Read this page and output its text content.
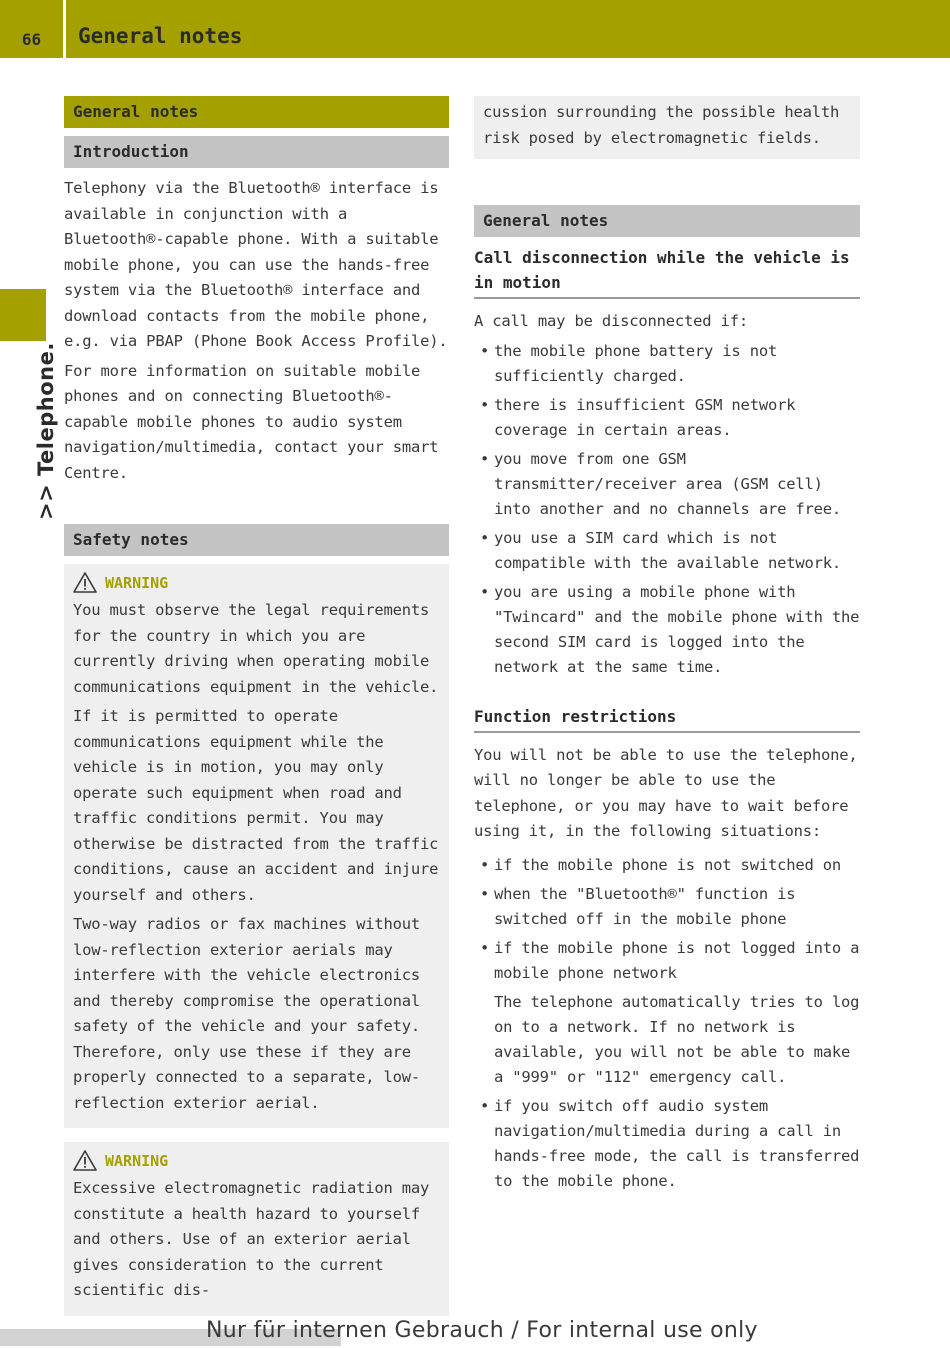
66	General notes
>> Telephone.
General notes
Introduction

Telephony via the Bluetooth® interface is available in conjunction with a Bluetooth®-capable phone. With a suitable mobile phone, you can use the hands-free system via the Bluetooth® interface and download contacts from the mobile phone, e.g. via PBAP (Phone Book Access Profile).

For more information on suitable mobile phones and on connecting Bluetooth®-capable mobile phones to audio system navigation/multimedia, contact your smart Centre.

Safety notes
WARNING

You must observe the legal requirements for the country in which you are currently driving when operating mobile communications equipment in the vehicle.

If it is permitted to operate communications equipment while the vehicle is in motion, you may only operate such equipment when road and traffic conditions permit. You may otherwise be distracted from the traffic conditions, cause an accident and injure yourself and others.

Two-way radios or fax machines without low-reflection exterior aerials may interfere with the vehicle electronics and thereby compromise the operational safety of the vehicle and your safety. Therefore, only use these if they are properly connected to a separate, low-reflection exterior aerial.

WARNING

Excessive electromagnetic radiation may constitute a health hazard to yourself and others. Use of an exterior aerial gives consideration to the current scientific dis-

cussion surrounding the possible health risk posed by electromagnetic fields.

General notes
Call disconnection while the vehicle is in motion

A call may be disconnected if:

• the mobile phone battery is not sufficiently charged.
• there is insufficient GSM network coverage in certain areas.
• you move from one GSM transmitter/receiver area (GSM cell) into another and no channels are free.
• you use a SIM card which is not compatible with the available network.
• you are using a mobile phone with "Twincard" and the mobile phone with the second SIM card is logged into the network at the same time.
Function restrictions

You will not be able to use the telephone, will no longer be able to use the telephone, or you may have to wait before using it, in the following situations:

• if the mobile phone is not switched on
• when the "Bluetooth®" function is switched off in the mobile phone
• if the mobile phone is not logged into a mobile phone network
The telephone automatically tries to log on to a network. If no network is available, you will not be able to make a "999" or "112" emergency call.
• if you switch off audio system navigation/multimedia during a call in hands-free mode, the call is transferred to the mobile phone.
Nur für internen Gebrauch / For internal use only
